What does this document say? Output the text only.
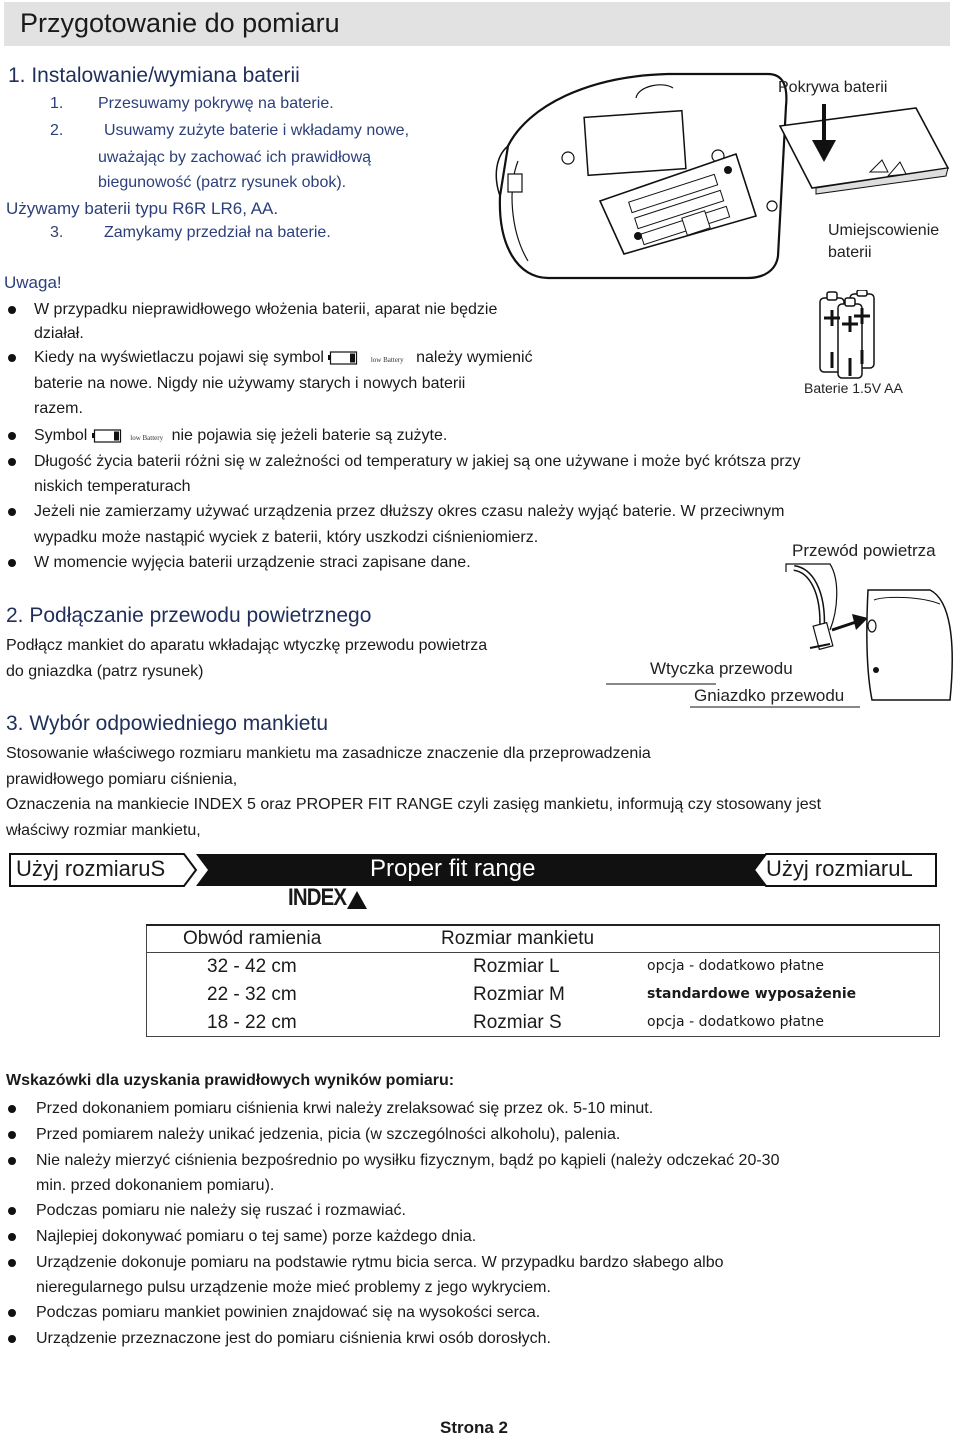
Przygotowanie do pomiaru
1. Instalowanie/wymiana baterii
1. Przesuwamy pokrywę na baterie.
2.	Usuwamy zużyte baterie i wkładamy nowe,
uważając by zachować ich prawidłową
biegunowość (patrz rysunek obok).
Używamy baterii typu R6R LR6, AA.
3.	Zamykamy przedział na baterie.
Uwaga!
W przypadku nieprawidłowego włożenia baterii, aparat nie będzie
działał.
Kiedy na wyświetlaczu pojawi się symbol	low Battery należy wymienić
baterie na nowe. Nigdy nie używamy starych i nowych baterii
razem.
Symbol	low Battery nie pojawia się jeżeli baterie są zużyte.
Długość życia baterii różni się w zależności od temperatury w jakiej są one używane i może być krótsza przy
niskich temperaturach
Jeżeli nie zamierzamy używać urządzenia przez dłuższy okres czasu należy wyjąć baterie. W przeciwnym
wypadku może nastąpić wyciek z baterii, który uszkodzi ciśnieniomierz.
W momencie wyjęcia baterii urządzenie straci zapisane dane.
Pokrywa baterii
Umiejscowienie
baterii
Baterie 1.5V AA
2. Podłączanie przewodu powietrznego
Podłącz mankiet do aparatu wkładając wtyczkę przewodu powietrza
do gniazdka (patrz rysunek)
Przewód powietrza
Wtyczka przewodu
Gniazdko przewodu
3. Wybór odpowiedniego mankietu
Stosowanie właściwego rozmiaru mankietu ma zasadnicze znaczenie dla przeprowadzenia
prawidłowego pomiaru ciśnienia,
Oznaczenia na mankiecie INDEX 5 oraz PROPER FIT RANGE czyli zasięg mankietu, informują czy stosowany jest
właściwy rozmiar mankietu,
Użyj rozmiaruS	Proper fit range	Użyj rozmiaruL
INDEX
Obwód ramienia	Rozmiar mankietu
32 - 42 cm	Rozmiar L	opcja - dodatkowo płatne
22 - 32 cm	Rozmiar M	standardowe wyposażenie
18 - 22 cm	Rozmiar S	opcja - dodatkowo płatne
Wskazówki dla uzyskania prawidłowych wyników pomiaru:
Przed dokonaniem pomiaru ciśnienia krwi należy zrelaksować się przez ok. 5-10 minut.
Przed pomiarem należy unikać jedzenia, picia (w szczególności alkoholu), palenia.
Nie należy mierzyć ciśnienia bezpośrednio po wysiłku fizycznym, bądź po kąpieli (należy odczekać 20-30
min. przed dokonaniem pomiaru).
Podczas pomiaru nie należy się ruszać i rozmawiać.
Najlepiej dokonywać pomiaru o tej same) porze każdego dnia.
Urządzenie dokonuje pomiaru na podstawie rytmu bicia serca. W przypadku bardzo słabego albo
nieregularnego pulsu urządzenie może mieć problemy z jego wykryciem.
Podczas pomiaru mankiet powinien znajdować się na wysokości serca.
Urządzenie przeznaczone jest do pomiaru ciśnienia krwi osób dorosłych.
Strona 2
